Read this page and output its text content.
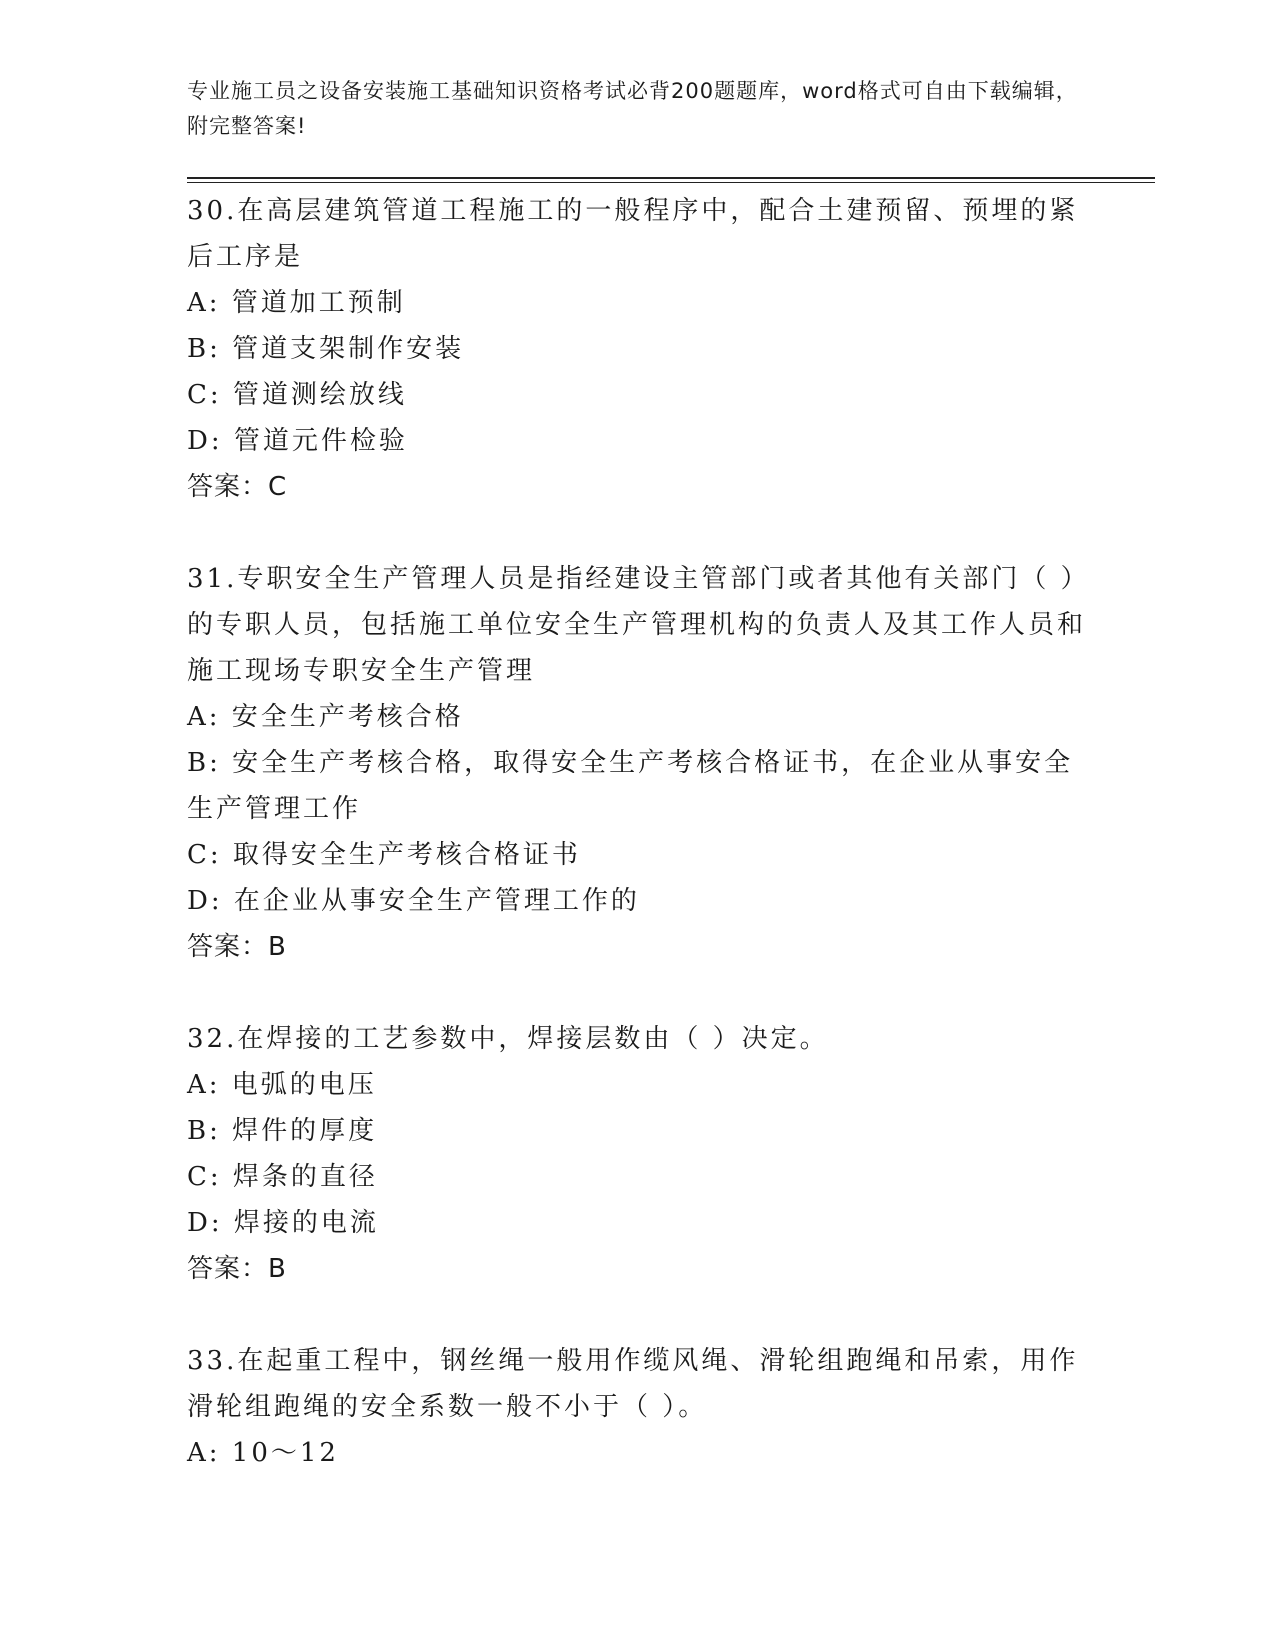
专业施工员之设备安装施工基础知识资格考试必背200题题库，word格式可自由下载编辑，附完整答案!

30.在高层建筑管道工程施工的一般程序中，配合土建预留、预埋的紧后工序是

A: 管道加工预制

B: 管道支架制作安装

C: 管道测绘放线

D: 管道元件检验

答案：C

31.专职安全生产管理人员是指经建设主管部门或者其他有关部门（ ）的专职人员，包括施工单位安全生产管理机构的负责人及其工作人员和施工现场专职安全生产管理

A: 安全生产考核合格

B: 安全生产考核合格，取得安全生产考核合格证书，在企业从事安全生产管理工作

C: 取得安全生产考核合格证书

D: 在企业从事安全生产管理工作的

答案：B

32.在焊接的工艺参数中，焊接层数由（ ）决定。

A: 电弧的电压

B: 焊件的厚度

C: 焊条的直径

D: 焊接的电流

答案：B

33.在起重工程中，钢丝绳一般用作缆风绳、滑轮组跑绳和吊索，用作滑轮组跑绳的安全系数一般不小于（ ）。

A: 10～12
